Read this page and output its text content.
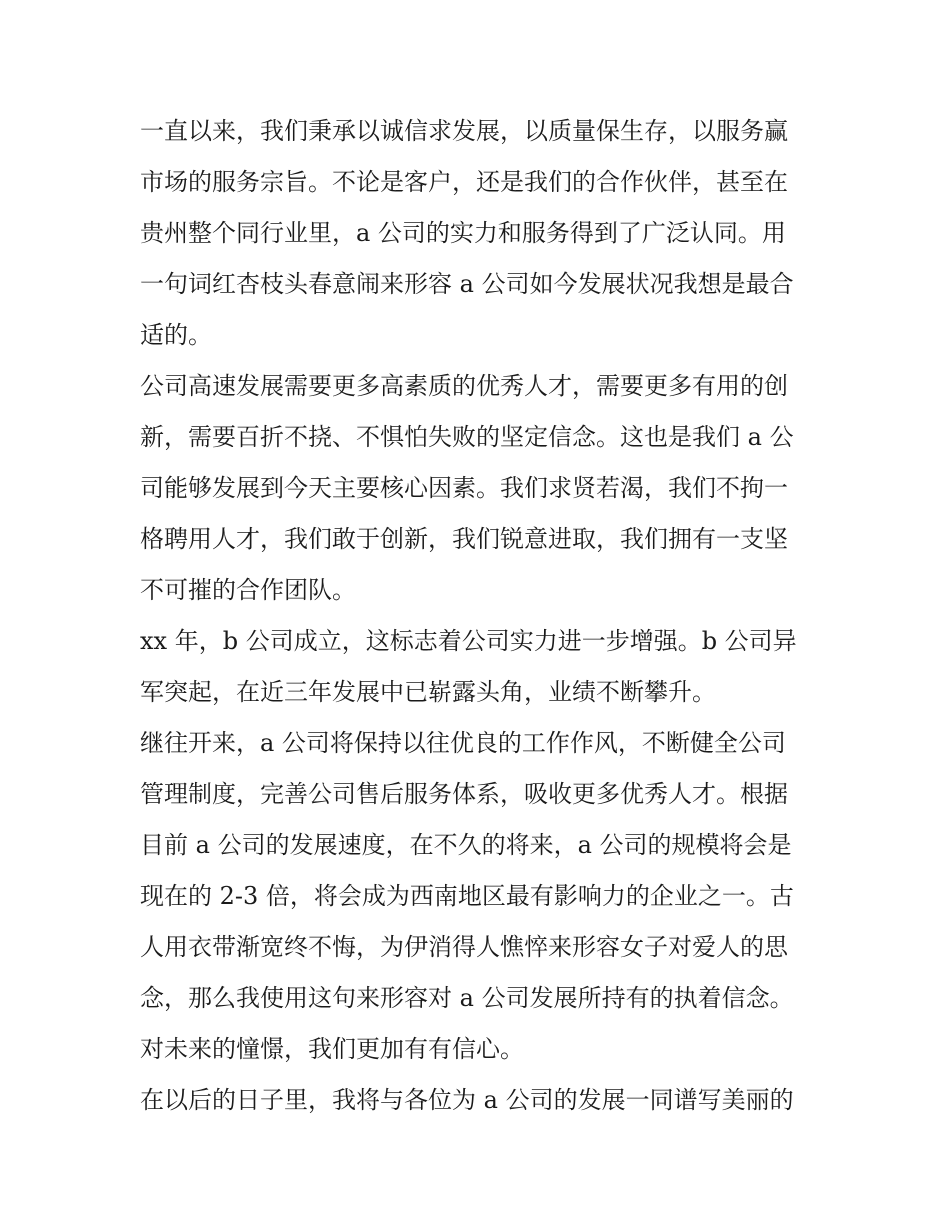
一直以来，我们秉承以诚信求发展，以质量保生存，以服务赢
市场的服务宗旨。不论是客户，还是我们的合作伙伴，甚至在
贵州整个同行业里，a 公司的实力和服务得到了广泛认同。用
一句词红杏枝头春意闹来形容 a 公司如今发展状况我想是最合
适的。
公司高速发展需要更多高素质的优秀人才，需要更多有用的创
新，需要百折不挠、不惧怕失败的坚定信念。这也是我们 a 公
司能够发展到今天主要核心因素。我们求贤若渴，我们不拘一
格聘用人才，我们敢于创新，我们锐意进取，我们拥有一支坚
不可摧的合作团队。
xx 年，b 公司成立，这标志着公司实力进一步增强。b 公司异
军突起，在近三年发展中已崭露头角，业绩不断攀升。
继往开来，a 公司将保持以往优良的工作作风，不断健全公司
管理制度，完善公司售后服务体系，吸收更多优秀人才。根据
目前 a 公司的发展速度，在不久的将来，a 公司的规模将会是
现在的 2-3 倍，将会成为西南地区最有影响力的企业之一。古
人用衣带渐宽终不悔，为伊消得人憔悴来形容女子对爱人的思
念，那么我使用这句来形容对 a 公司发展所持有的执着信念。
对未来的憧憬，我们更加有有信心。
在以后的日子里，我将与各位为 a 公司的发展一同谱写美丽的
